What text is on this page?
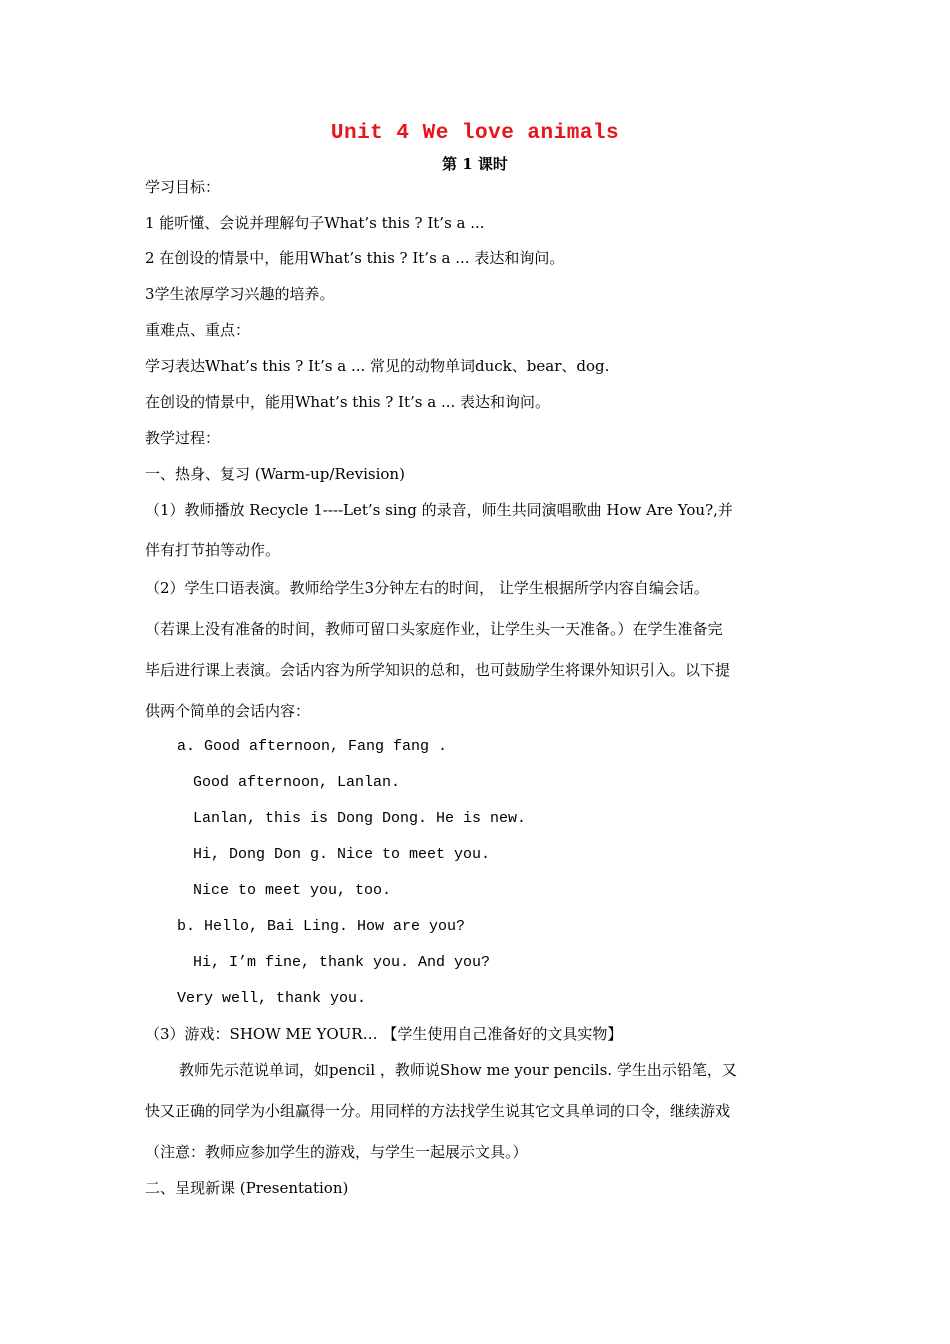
Unit 4 We love animals
第 1 课时
学习目标：
1 能听懂、会说并理解句子What’s this ? It’s a ...
2 在创设的情景中，能用What’s this ? It’s a ... 表达和询问。
3学生浓厚学习兴趣的培养。
重难点、重点：
学习表达What’s this ? It’s a ... 常见的动物单词duck、bear、dog.
在创设的情景中，能用What’s this ? It’s a ... 表达和询问。
教学过程：
一、热身、复习 (Warm-up/Revision)
（1）教师播放 Recycle 1----Let’s sing 的录音，师生共同演唱歌曲 How Are You?,并
伴有打节拍等动作。
（2）学生口语表演。教师给学生3分钟左右的时间， 让学生根据所学内容自编会话。
（若课上没有准备的时间，教师可留口头家庭作业，让学生头一天准备。）在学生准备完
毕后进行课上表演。会话内容为所学知识的总和，也可鼓励学生将课外知识引入。以下提
供两个简单的会话内容：
a. Good afternoon, Fang fang .
Good afternoon, Lanlan.
Lanlan, this is Dong Dong. He is new.
Hi, Dong Don g. Nice to meet you.
Nice to meet you, too.
b. Hello, Bai Ling. How are you?
Hi, I’m fine, thank you. And you?
Very well, thank you.
（3）游戏：SHOW ME YOUR… 【学生使用自己准备好的文具实物】
教师先示范说单词，如pencil ，教师说Show me your pencils. 学生出示铅笔，又
快又正确的同学为小组赢得一分。用同样的方法找学生说其它文具单词的口令，继续游戏
（注意：教师应参加学生的游戏，与学生一起展示文具。）
二、呈现新课 (Presentation)
